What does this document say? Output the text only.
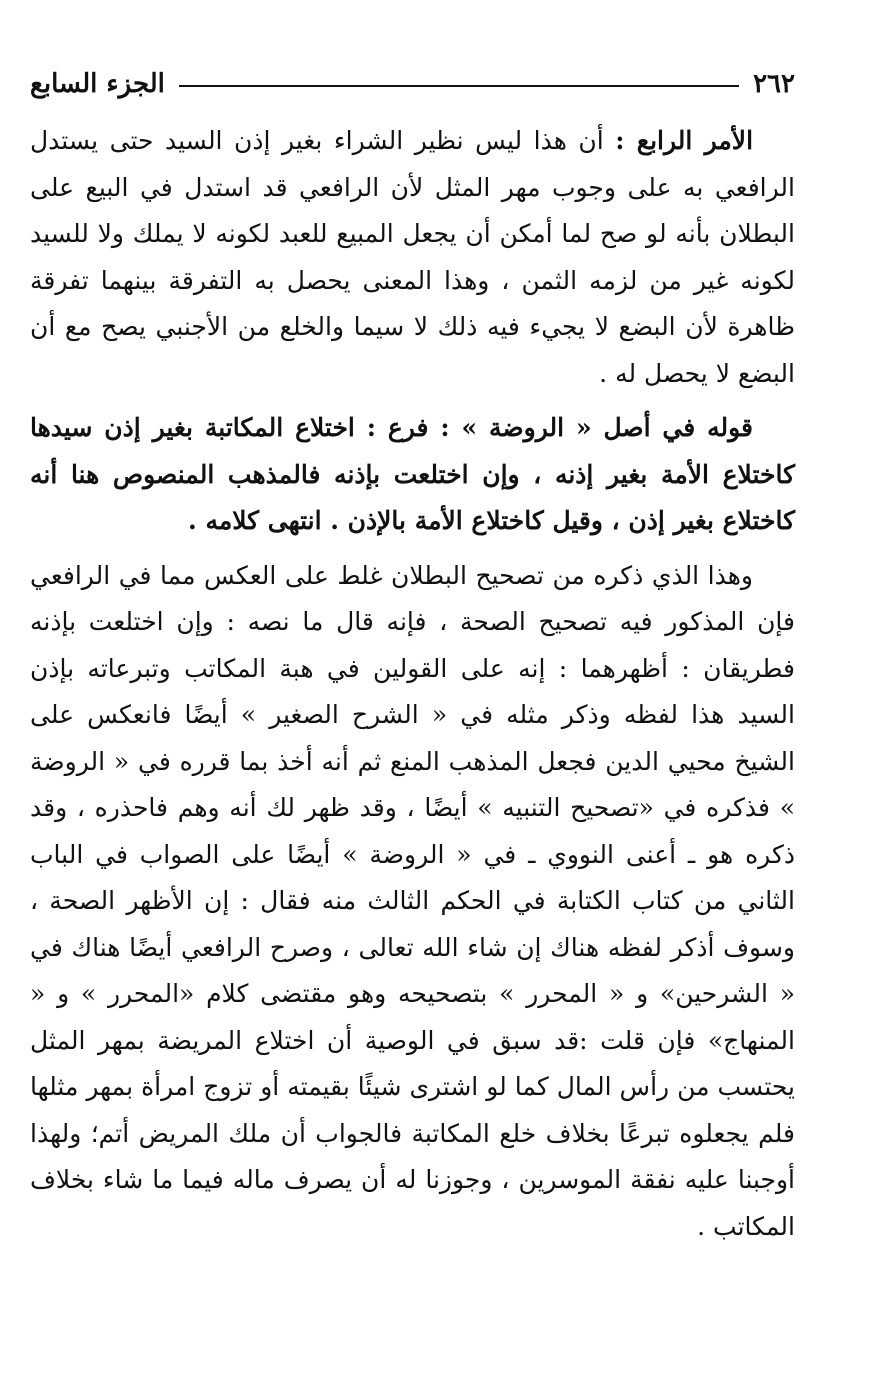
٢٦٢
الجزء السابع

الأمر الرابع : أن هذا ليس نظير الشراء بغير إذن السيد حتى يستدل الرافعي به على وجوب مهر المثل لأن الرافعي قد استدل في البيع على البطلان بأنه لو صح لما أمكن أن يجعل المبيع للعبد لكونه لا يملك ولا للسيد لكونه غير من لزمه الثمن ، وهذا المعنى يحصل به التفرقة بينهما تفرقة ظاهرة لأن البضع لا يجيء فيه ذلك لا سيما والخلع من الأجنبي يصح مع أن البضع لا يحصل له .

قوله في أصل « الروضة » : فرع : اختلاع المكاتبة بغير إذن سيدها كاختلاع الأمة بغير إذنه ، وإن اختلعت بإذنه فالمذهب المنصوص هنا أنه كاختلاع بغير إذن ، وقيل كاختلاع الأمة بالإذن . انتهى كلامه .

وهذا الذي ذكره من تصحيح البطلان غلط على العكس مما في الرافعي فإن المذكور فيه تصحيح الصحة ، فإنه قال ما نصه : وإن اختلعت بإذنه فطريقان : أظهرهما : إنه على القولين في هبة المكاتب وتبرعاته بإذن السيد هذا لفظه وذكر مثله في « الشرح الصغير » أيضًا فانعكس على الشيخ محيي الدين فجعل المذهب المنع ثم أنه أخذ بما قرره في « الروضة » فذكره في «تصحيح التنبيه » أيضًا ، وقد ظهر لك أنه وهم فاحذره ، وقد ذكره هو ـ أعنى النووي ـ في « الروضة » أيضًا على الصواب في الباب الثاني من كتاب الكتابة في الحكم الثالث منه فقال : إن الأظهر الصحة ، وسوف أذكر لفظه هناك إن شاء الله تعالى ، وصرح الرافعي أيضًا هناك في « الشرحين» و « المحرر » بتصحيحه وهو مقتضى كلام «المحرر » و « المنهاج» فإن قلت :قد سبق في الوصية أن اختلاع المريضة بمهر المثل يحتسب من رأس المال كما لو اشترى شيئًا بقيمته أو تزوج امرأة بمهر مثلها فلم يجعلوه تبرعًا بخلاف خلع المكاتبة فالجواب أن ملك المريض أتم؛ ولهذا أوجبنا عليه نفقة الموسرين ، وجوزنا له أن يصرف ماله فيما ما شاء بخلاف المكاتب .
